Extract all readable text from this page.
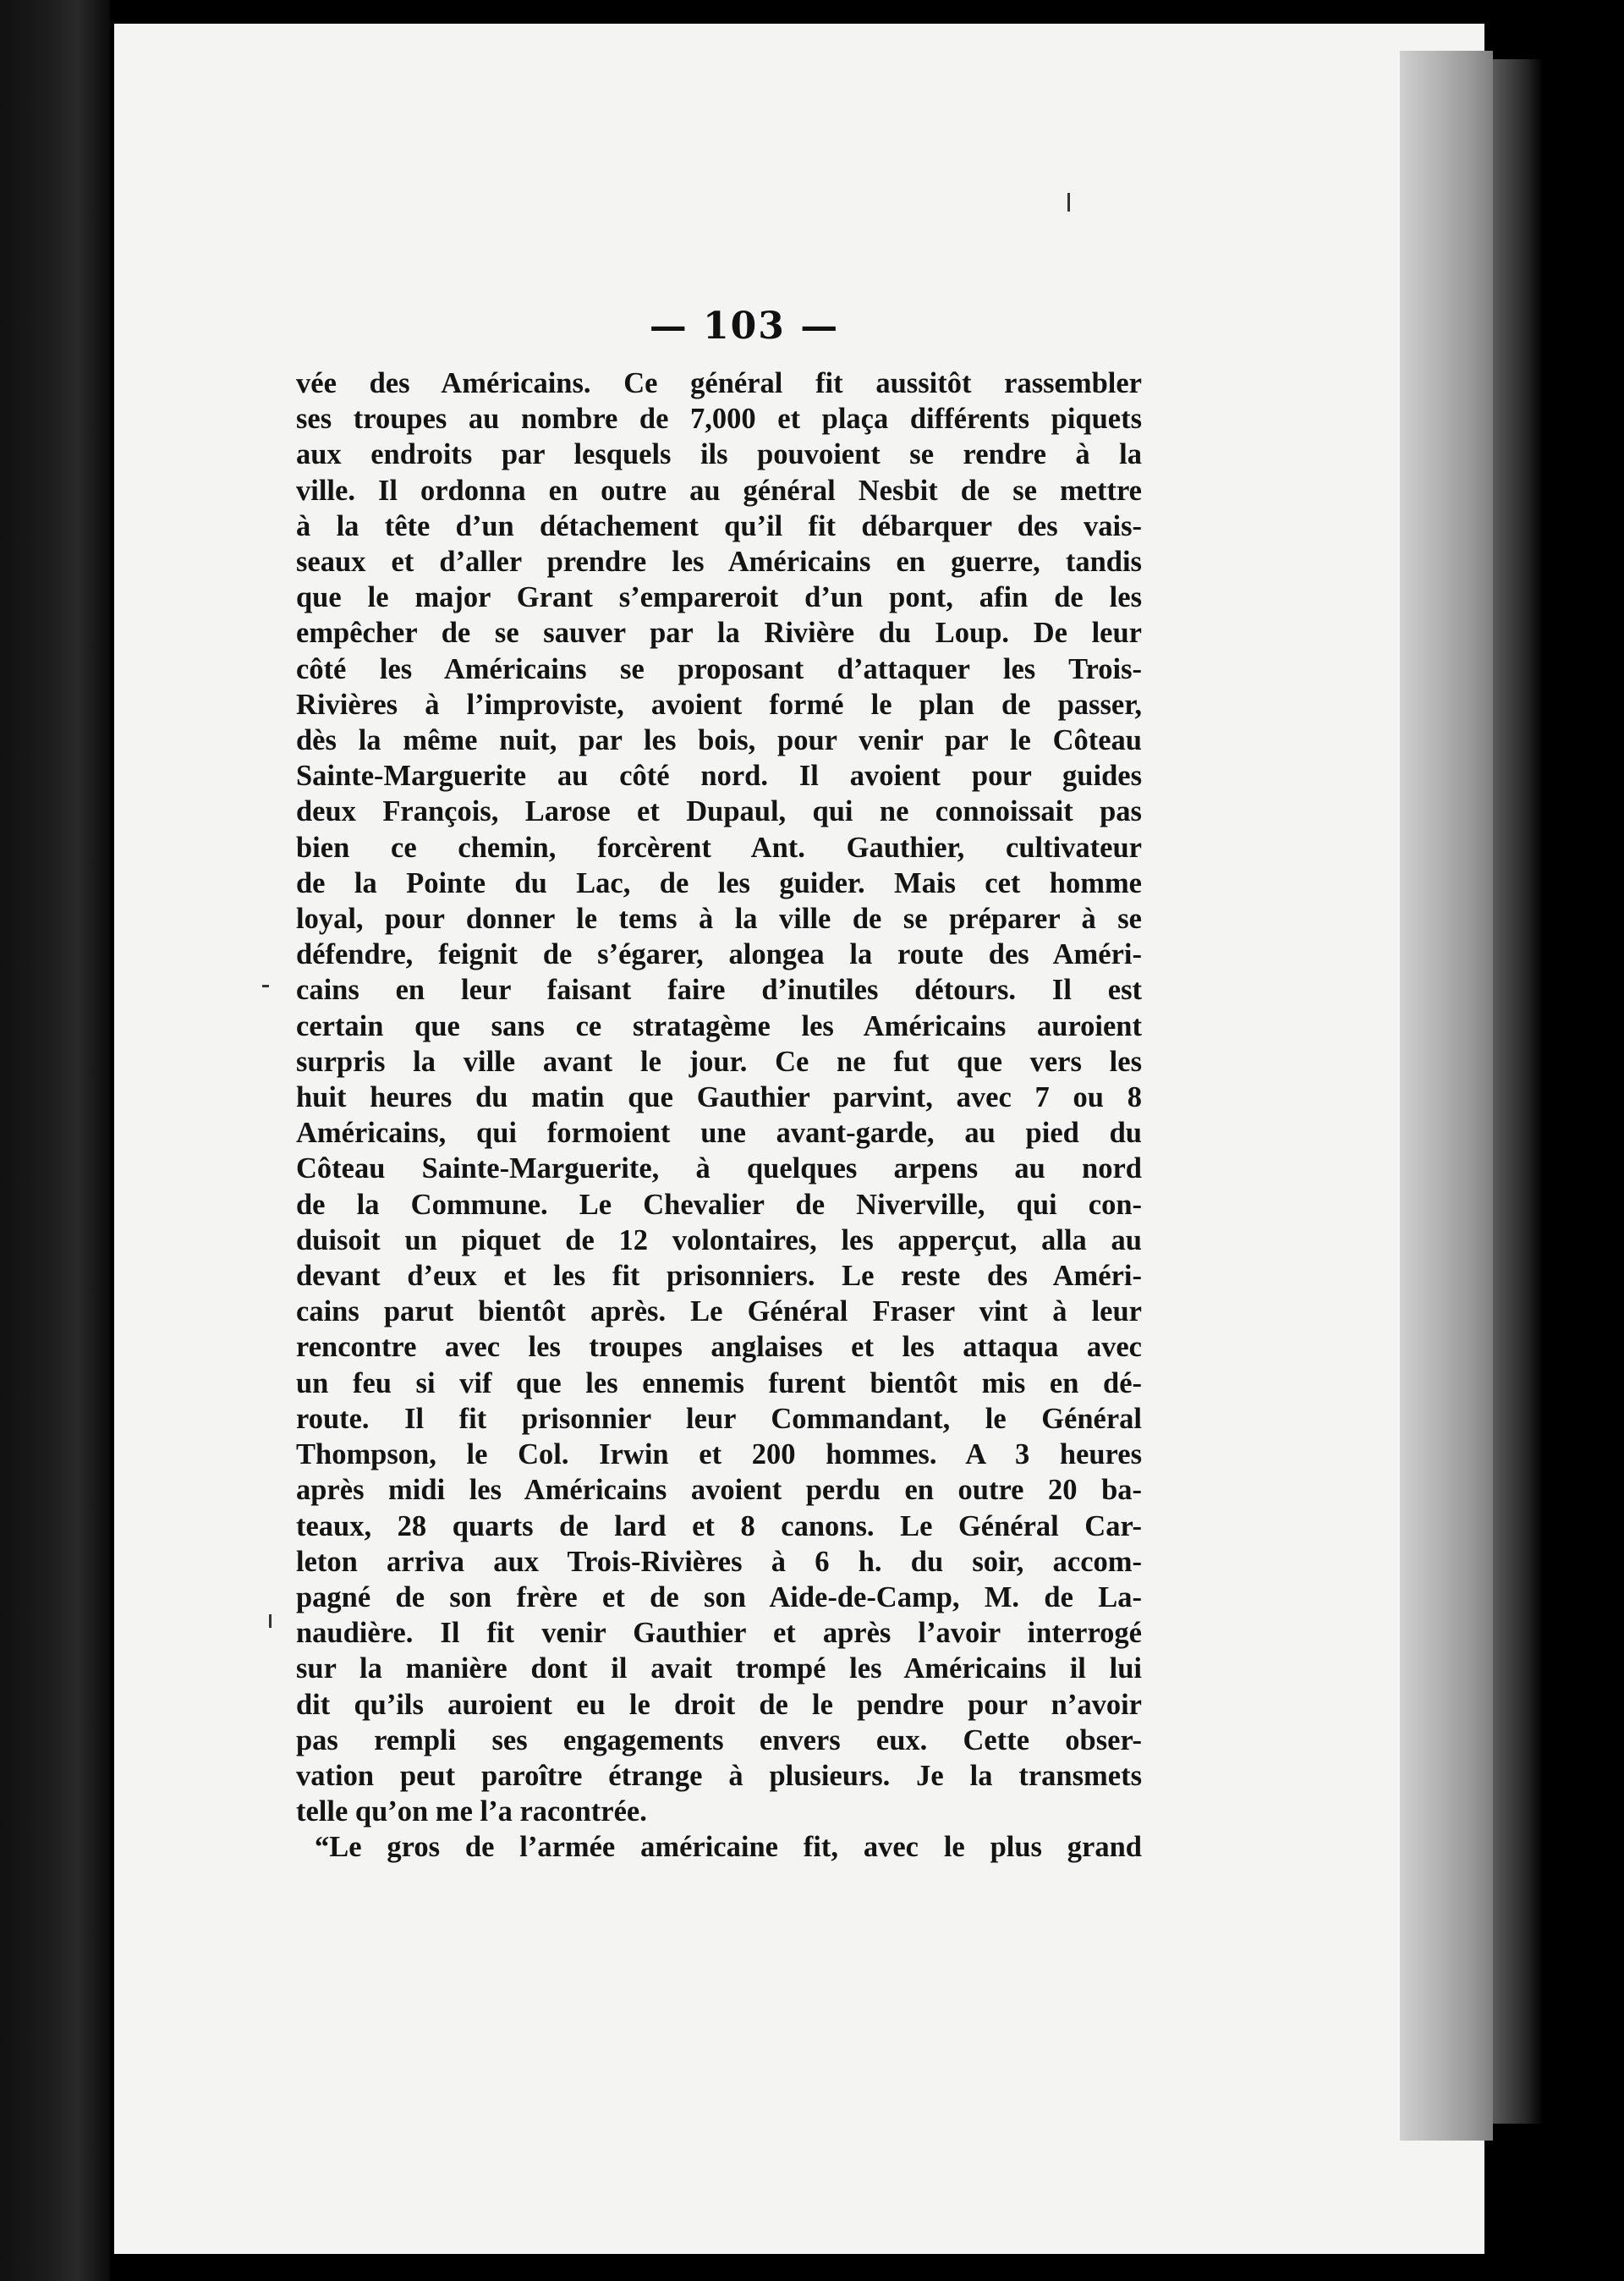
— 103 —
vée des Américains. Ce général fit aussitôt rassembler
ses troupes au nombre de 7,000 et plaça différents piquets
aux endroits par lesquels ils pouvoient se rendre à la
ville. Il ordonna en outre au général Nesbit de se mettre
à la tête d’un détachement qu’il fit débarquer des vais-
seaux et d’aller prendre les Américains en guerre, tandis
que le major Grant s’empareroit d’un pont, afin de les
empêcher de se sauver par la Rivière du Loup. De leur
côté les Américains se proposant d’attaquer les Trois-
Rivières à l’improviste, avoient formé le plan de passer,
dès la même nuit, par les bois, pour venir par le Côteau
Sainte-Marguerite au côté nord. Il avoient pour guides
deux François, Larose et Dupaul, qui ne connoissait pas
bien ce chemin, forcèrent Ant. Gauthier, cultivateur
de la Pointe du Lac, de les guider. Mais cet homme
loyal, pour donner le tems à la ville de se préparer à se
défendre, feignit de s’égarer, alongea la route des Améri-
cains en leur faisant faire d’inutiles détours. Il est
certain que sans ce stratagème les Américains auroient
surpris la ville avant le jour. Ce ne fut que vers les
huit heures du matin que Gauthier parvint, avec 7 ou 8
Américains, qui formoient une avant-garde, au pied du
Côteau Sainte-Marguerite, à quelques arpens au nord
de la Commune. Le Chevalier de Niverville, qui con-
duisoit un piquet de 12 volontaires, les apperçut, alla au
devant d’eux et les fit prisonniers. Le reste des Améri-
cains parut bientôt après. Le Général Fraser vint à leur
rencontre avec les troupes anglaises et les attaqua avec
un feu si vif que les ennemis furent bientôt mis en dé-
route. Il fit prisonnier leur Commandant, le Général
Thompson, le Col. Irwin et 200 hommes. A 3 heures
après midi les Américains avoient perdu en outre 20 ba-
teaux, 28 quarts de lard et 8 canons. Le Général Car-
leton arriva aux Trois-Rivières à 6 h. du soir, accom-
pagné de son frère et de son Aide-de-Camp, M. de La-
naudière. Il fit venir Gauthier et après l’avoir interrogé
sur la manière dont il avait trompé les Américains il lui
dit qu’ils auroient eu le droit de le pendre pour n’avoir
pas rempli ses engagements envers eux. Cette obser-
vation peut paroître étrange à plusieurs. Je la transmets
telle qu’on me l’a racontrée.
“Le gros de l’armée américaine fit, avec le plus grand
